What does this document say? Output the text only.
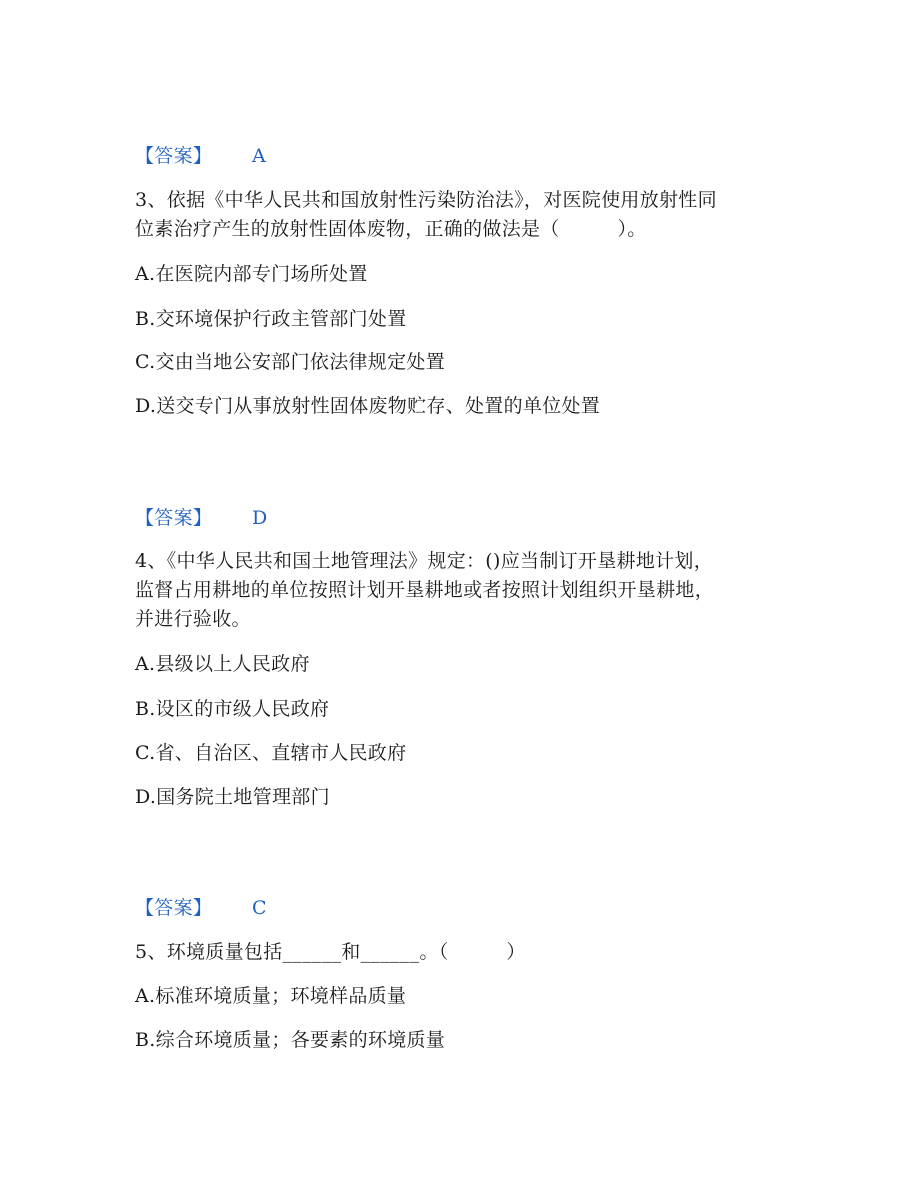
【答案】 A
3、依据《中华人民共和国放射性污染防治法》，对医院使用放射性同
位素治疗产生的放射性固体废物，正确的做法是（　　　）。
A.在医院内部专门场所处置
B.交环境保护行政主管部门处置
C.交由当地公安部门依法律规定处置
D.送交专门从事放射性固体废物贮存、处置的单位处置
【答案】 D
4、《中华人民共和国土地管理法》规定：()应当制订开垦耕地计划，
监督占用耕地的单位按照计划开垦耕地或者按照计划组织开垦耕地，
并进行验收。
A.县级以上人民政府
B.设区的市级人民政府
C.省、自治区、直辖市人民政府
D.国务院土地管理部门
【答案】 C
5、环境质量包括______和______。（　　　）
A.标准环境质量；环境样品质量
B.综合环境质量；各要素的环境质量
